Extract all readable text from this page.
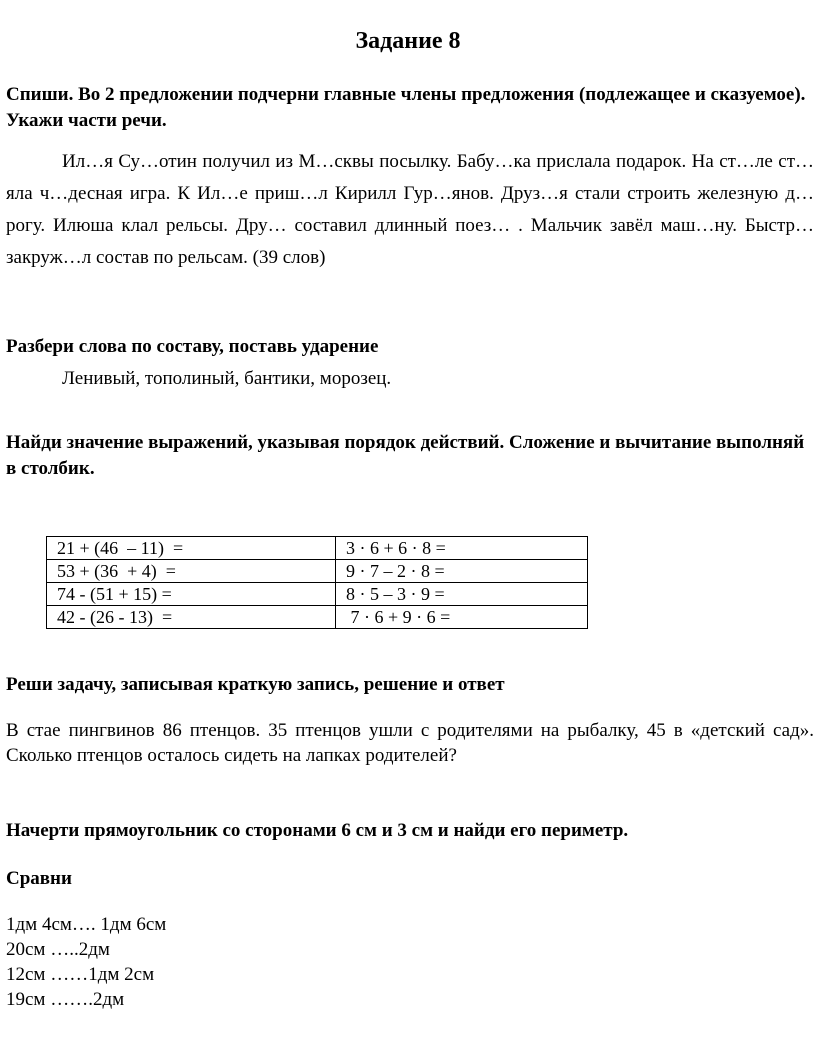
Задание 8

Спиши. Во 2 предложении подчерни главные члены предложения (подлежащее и сказуемое). Укажи части речи.

Ил…я Су…отин получил из М…сквы посылку. Бабу…ка прислала подарок. На ст…ле ст…яла ч…десная игра. К Ил…е приш…л Кирилл Гур…янов. Друз…я стали строить железную д…рогу. Илюша клал рельсы. Дру… составил длинный поез… . Мальчик завёл маш…ну. Быстр… закруж…л состав по рельсам. (39 слов)

Разбери слова по составу, поставь ударение

Ленивый, тополиный, бантики, морозец.

Найди значение выражений, указывая порядок действий. Сложение и вычитание выполняй в столбик.

21 + (46  – 11)  =	3 · 6 + 6 · 8 =
53 + (36  + 4)  =	9 · 7 – 2 · 8 =
74 - (51 + 15) =	8 · 5 – 3 · 9 =
42 - (26 - 13)  =	7 · 6 + 9 · 6 =

Реши задачу, записывая краткую запись, решение и ответ

В стае пингвинов 86 птенцов. 35 птенцов ушли с родителями на рыбалку, 45 в «детский сад». Сколько птенцов осталось сидеть на лапках родителей?

Начерти прямоугольник со сторонами 6 см и 3 см и найди его периметр.

Сравни

1дм 4см…. 1дм 6см
20см …..2дм
12см ……1дм 2см
19см …….2дм
